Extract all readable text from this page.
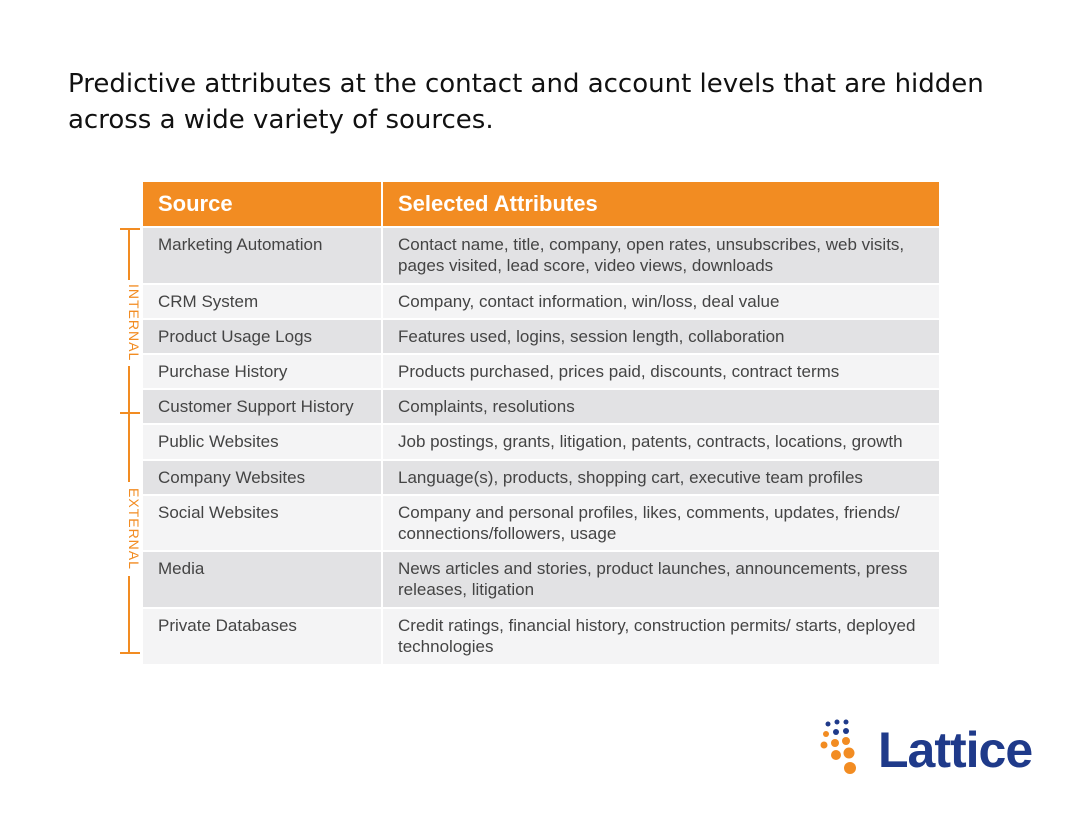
Predictive attributes at the contact and account levels that are hidden across a wide variety of sources.

Source	Selected Attributes
Marketing Automation	Contact name, title, company, open rates, unsubscribes, web visits, pages visited, lead score, video views, downloads
CRM System	Company, contact information, win/loss, deal value
Product Usage Logs	Features used, logins, session length, collaboration
Purchase History	Products purchased, prices paid, discounts, contract terms
Customer Support History	Complaints, resolutions
Public Websites	Job postings, grants, litigation, patents, contracts, locations, growth
Company Websites	Language(s), products, shopping cart, executive team profiles
Social Websites	Company and personal profiles, likes, comments, updates, friends/ connections/followers, usage
Media	News articles and stories, product launches, announcements, press releases, litigation
Private Databases	Credit ratings, financial history, construction permits/ starts, deployed technologies
INTERNAL
EXTERNAL
Lattice
